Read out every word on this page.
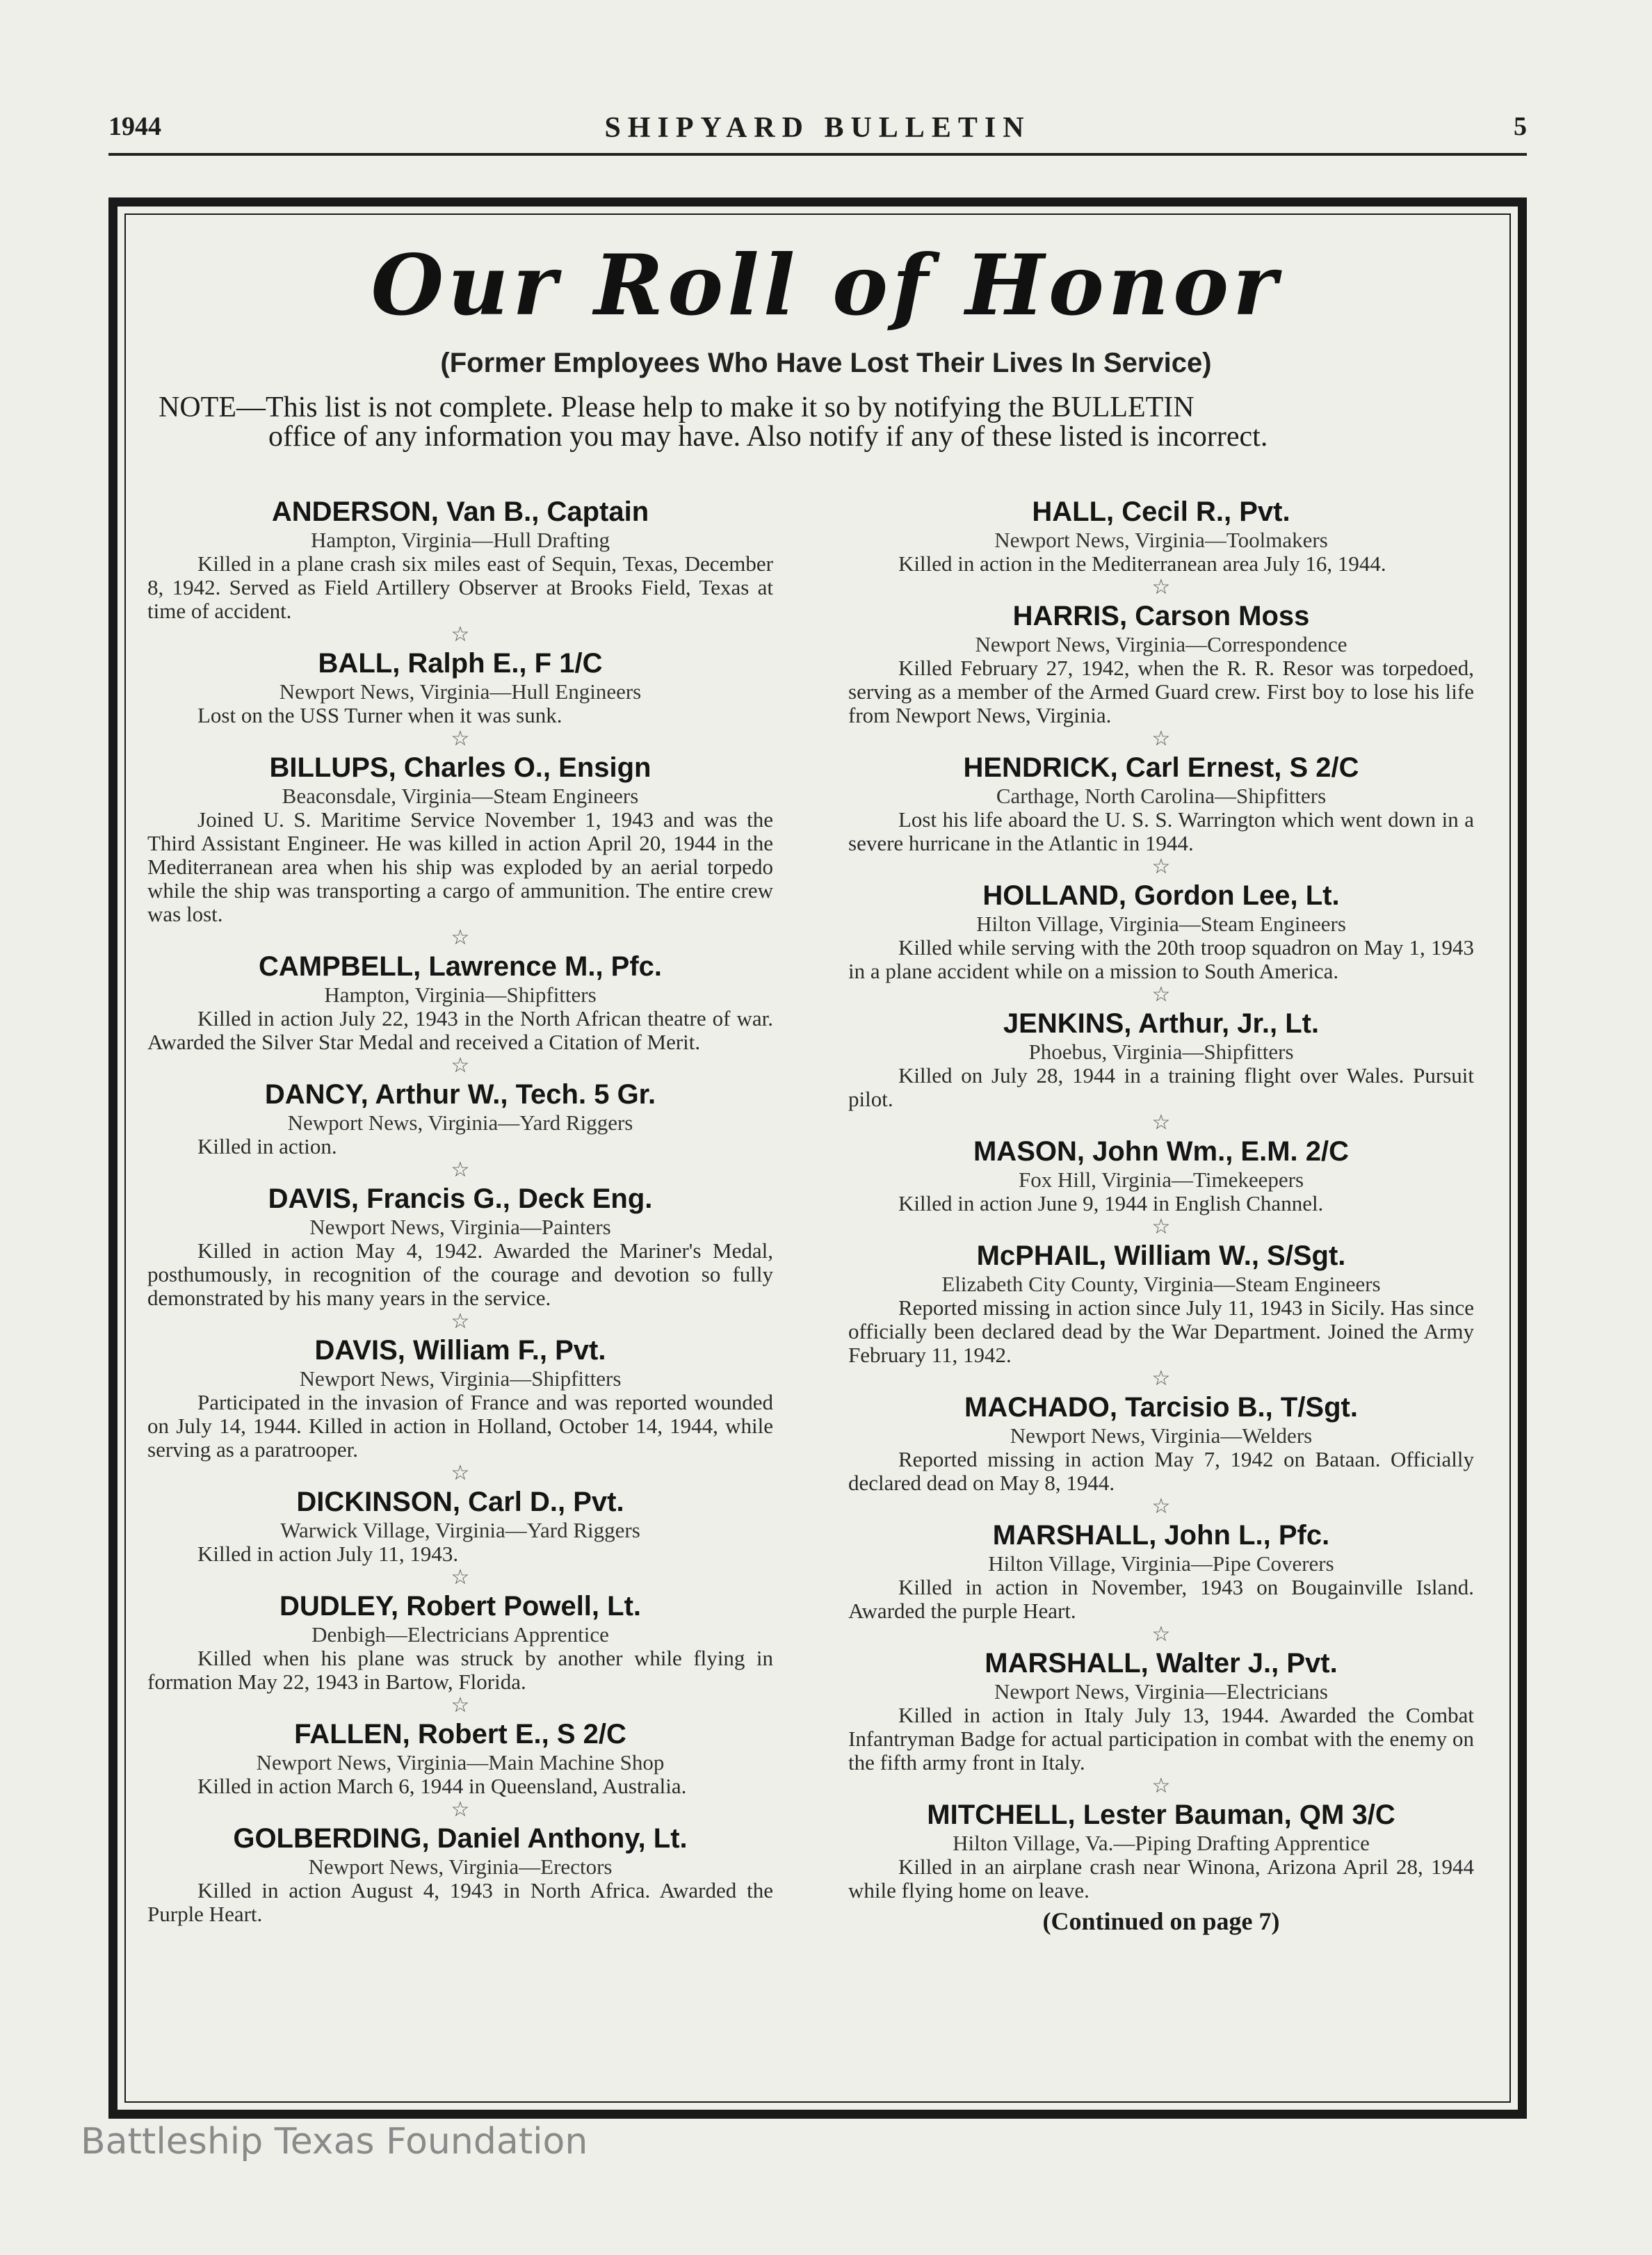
1944	SHIPYARD BULLETIN	5
Our Roll of Honor
(Former Employees Who Have Lost Their Lives In Service)
NOTE—This list is not complete. Please help to make it so by notifying the BULLETIN
office of any information you may have. Also notify if any of these listed is incorrect.
ANDERSON, Van B., Captain
Hampton, Virginia—Hull Drafting
Killed in a plane crash six miles east of Sequin, Texas, December 8, 1942. Served as Field Artillery Observer at Brooks Field, Texas at time of accident.
☆
BALL, Ralph E., F 1/C
Newport News, Virginia—Hull Engineers
Lost on the USS Turner when it was sunk.
☆
BILLUPS, Charles O., Ensign
Beaconsdale, Virginia—Steam Engineers
Joined U. S. Maritime Service November 1, 1943 and was the Third Assistant Engineer. He was killed in action April 20, 1944 in the Mediterranean area when his ship was exploded by an aerial torpedo while the ship was transporting a cargo of ammunition. The entire crew was lost.
☆
CAMPBELL, Lawrence M., Pfc.
Hampton, Virginia—Shipfitters
Killed in action July 22, 1943 in the North African theatre of war. Awarded the Silver Star Medal and received a Citation of Merit.
☆
DANCY, Arthur W., Tech. 5 Gr.
Newport News, Virginia—Yard Riggers
Killed in action.
☆
DAVIS, Francis G., Deck Eng.
Newport News, Virginia—Painters
Killed in action May 4, 1942. Awarded the Mariner's Medal, posthumously, in recognition of the courage and devotion so fully demonstrated by his many years in the service.
☆
DAVIS, William F., Pvt.
Newport News, Virginia—Shipfitters
Participated in the invasion of France and was reported wounded on July 14, 1944. Killed in action in Holland, October 14, 1944, while serving as a paratrooper.
☆
DICKINSON, Carl D., Pvt.
Warwick Village, Virginia—Yard Riggers
Killed in action July 11, 1943.
☆
DUDLEY, Robert Powell, Lt.
Denbigh—Electricians Apprentice
Killed when his plane was struck by another while flying in formation May 22, 1943 in Bartow, Florida.
☆
FALLEN, Robert E., S 2/C
Newport News, Virginia—Main Machine Shop
Killed in action March 6, 1944 in Queensland, Australia.
☆
GOLBERDING, Daniel Anthony, Lt.
Newport News, Virginia—Erectors
Killed in action August 4, 1943 in North Africa. Awarded the Purple Heart.
HALL, Cecil R., Pvt.
Newport News, Virginia—Toolmakers
Killed in action in the Mediterranean area July 16, 1944.
☆
HARRIS, Carson Moss
Newport News, Virginia—Correspondence
Killed February 27, 1942, when the R. R. Resor was torpedoed, serving as a member of the Armed Guard crew. First boy to lose his life from Newport News, Virginia.
☆
HENDRICK, Carl Ernest, S 2/C
Carthage, North Carolina—Shipfitters
Lost his life aboard the U. S. S. Warrington which went down in a severe hurricane in the Atlantic in 1944.
☆
HOLLAND, Gordon Lee, Lt.
Hilton Village, Virginia—Steam Engineers
Killed while serving with the 20th troop squadron on May 1, 1943 in a plane accident while on a mission to South America.
☆
JENKINS, Arthur, Jr., Lt.
Phoebus, Virginia—Shipfitters
Killed on July 28, 1944 in a training flight over Wales. Pursuit pilot.
☆
MASON, John Wm., E.M. 2/C
Fox Hill, Virginia—Timekeepers
Killed in action June 9, 1944 in English Channel.
☆
McPHAIL, William W., S/Sgt.
Elizabeth City County, Virginia—Steam Engineers
Reported missing in action since July 11, 1943 in Sicily. Has since officially been declared dead by the War Department. Joined the Army February 11, 1942.
☆
MACHADO, Tarcisio B., T/Sgt.
Newport News, Virginia—Welders
Reported missing in action May 7, 1942 on Bataan. Officially declared dead on May 8, 1944.
☆
MARSHALL, John L., Pfc.
Hilton Village, Virginia—Pipe Coverers
Killed in action in November, 1943 on Bougainville Island. Awarded the purple Heart.
☆
MARSHALL, Walter J., Pvt.
Newport News, Virginia—Electricians
Killed in action in Italy July 13, 1944. Awarded the Combat Infantryman Badge for actual participation in combat with the enemy on the fifth army front in Italy.
☆
MITCHELL, Lester Bauman, QM 3/C
Hilton Village, Va.—Piping Drafting Apprentice
Killed in an airplane crash near Winona, Arizona April 28, 1944 while flying home on leave.
(Continued on page 7)
Battleship Texas Foundation
